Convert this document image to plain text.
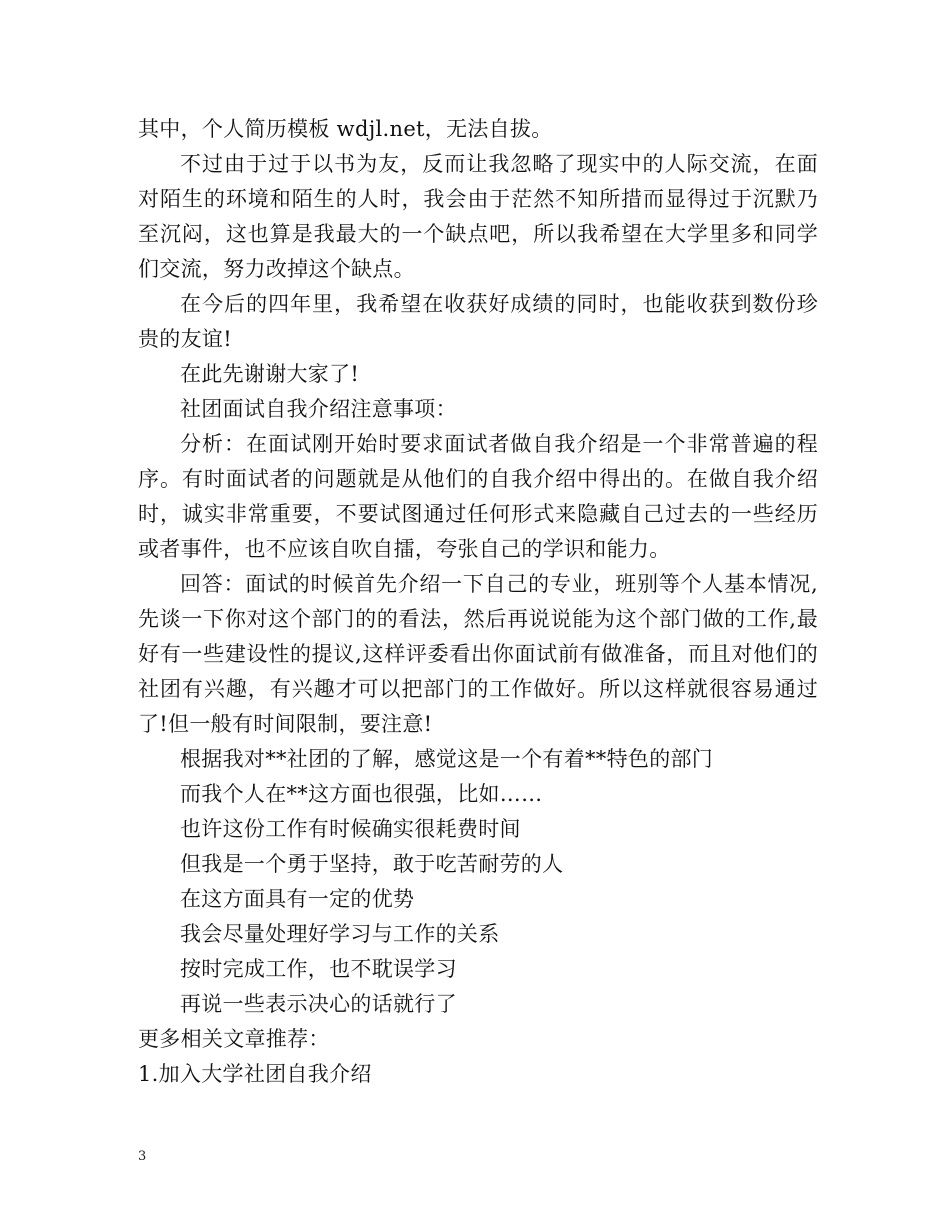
其中，个人简历模板 wdjl.net，无法自拔。

不过由于过于以书为友，反而让我忽略了现实中的人际交流，在面对陌生的环境和陌生的人时，我会由于茫然不知所措而显得过于沉默乃至沉闷，这也算是我最大的一个缺点吧，所以我希望在大学里多和同学们交流，努力改掉这个缺点。

在今后的四年里，我希望在收获好成绩的同时，也能收获到数份珍贵的友谊!

在此先谢谢大家了!

社团面试自我介绍注意事项：

分析：在面试刚开始时要求面试者做自我介绍是一个非常普遍的程序。有时面试者的问题就是从他们的自我介绍中得出的。在做自我介绍时，诚实非常重要，不要试图通过任何形式来隐藏自己过去的一些经历或者事件，也不应该自吹自擂，夸张自己的学识和能力。

回答：面试的时候首先介绍一下自己的专业，班别等个人基本情况,先谈一下你对这个部门的的看法，然后再说说能为这个部门做的工作,最好有一些建设性的提议,这样评委看出你面试前有做准备，而且对他们的社团有兴趣，有兴趣才可以把部门的工作做好。所以这样就很容易通过了!但一般有时间限制，要注意!

根据我对**社团的了解，感觉这是一个有着**特色的部门

而我个人在**这方面也很强，比如……

也许这份工作有时候确实很耗费时间

但我是一个勇于坚持，敢于吃苦耐劳的人

在这方面具有一定的优势

我会尽量处理好学习与工作的关系

按时完成工作，也不耽误学习

再说一些表示决心的话就行了

更多相关文章推荐：

1.加入大学社团自我介绍

3
